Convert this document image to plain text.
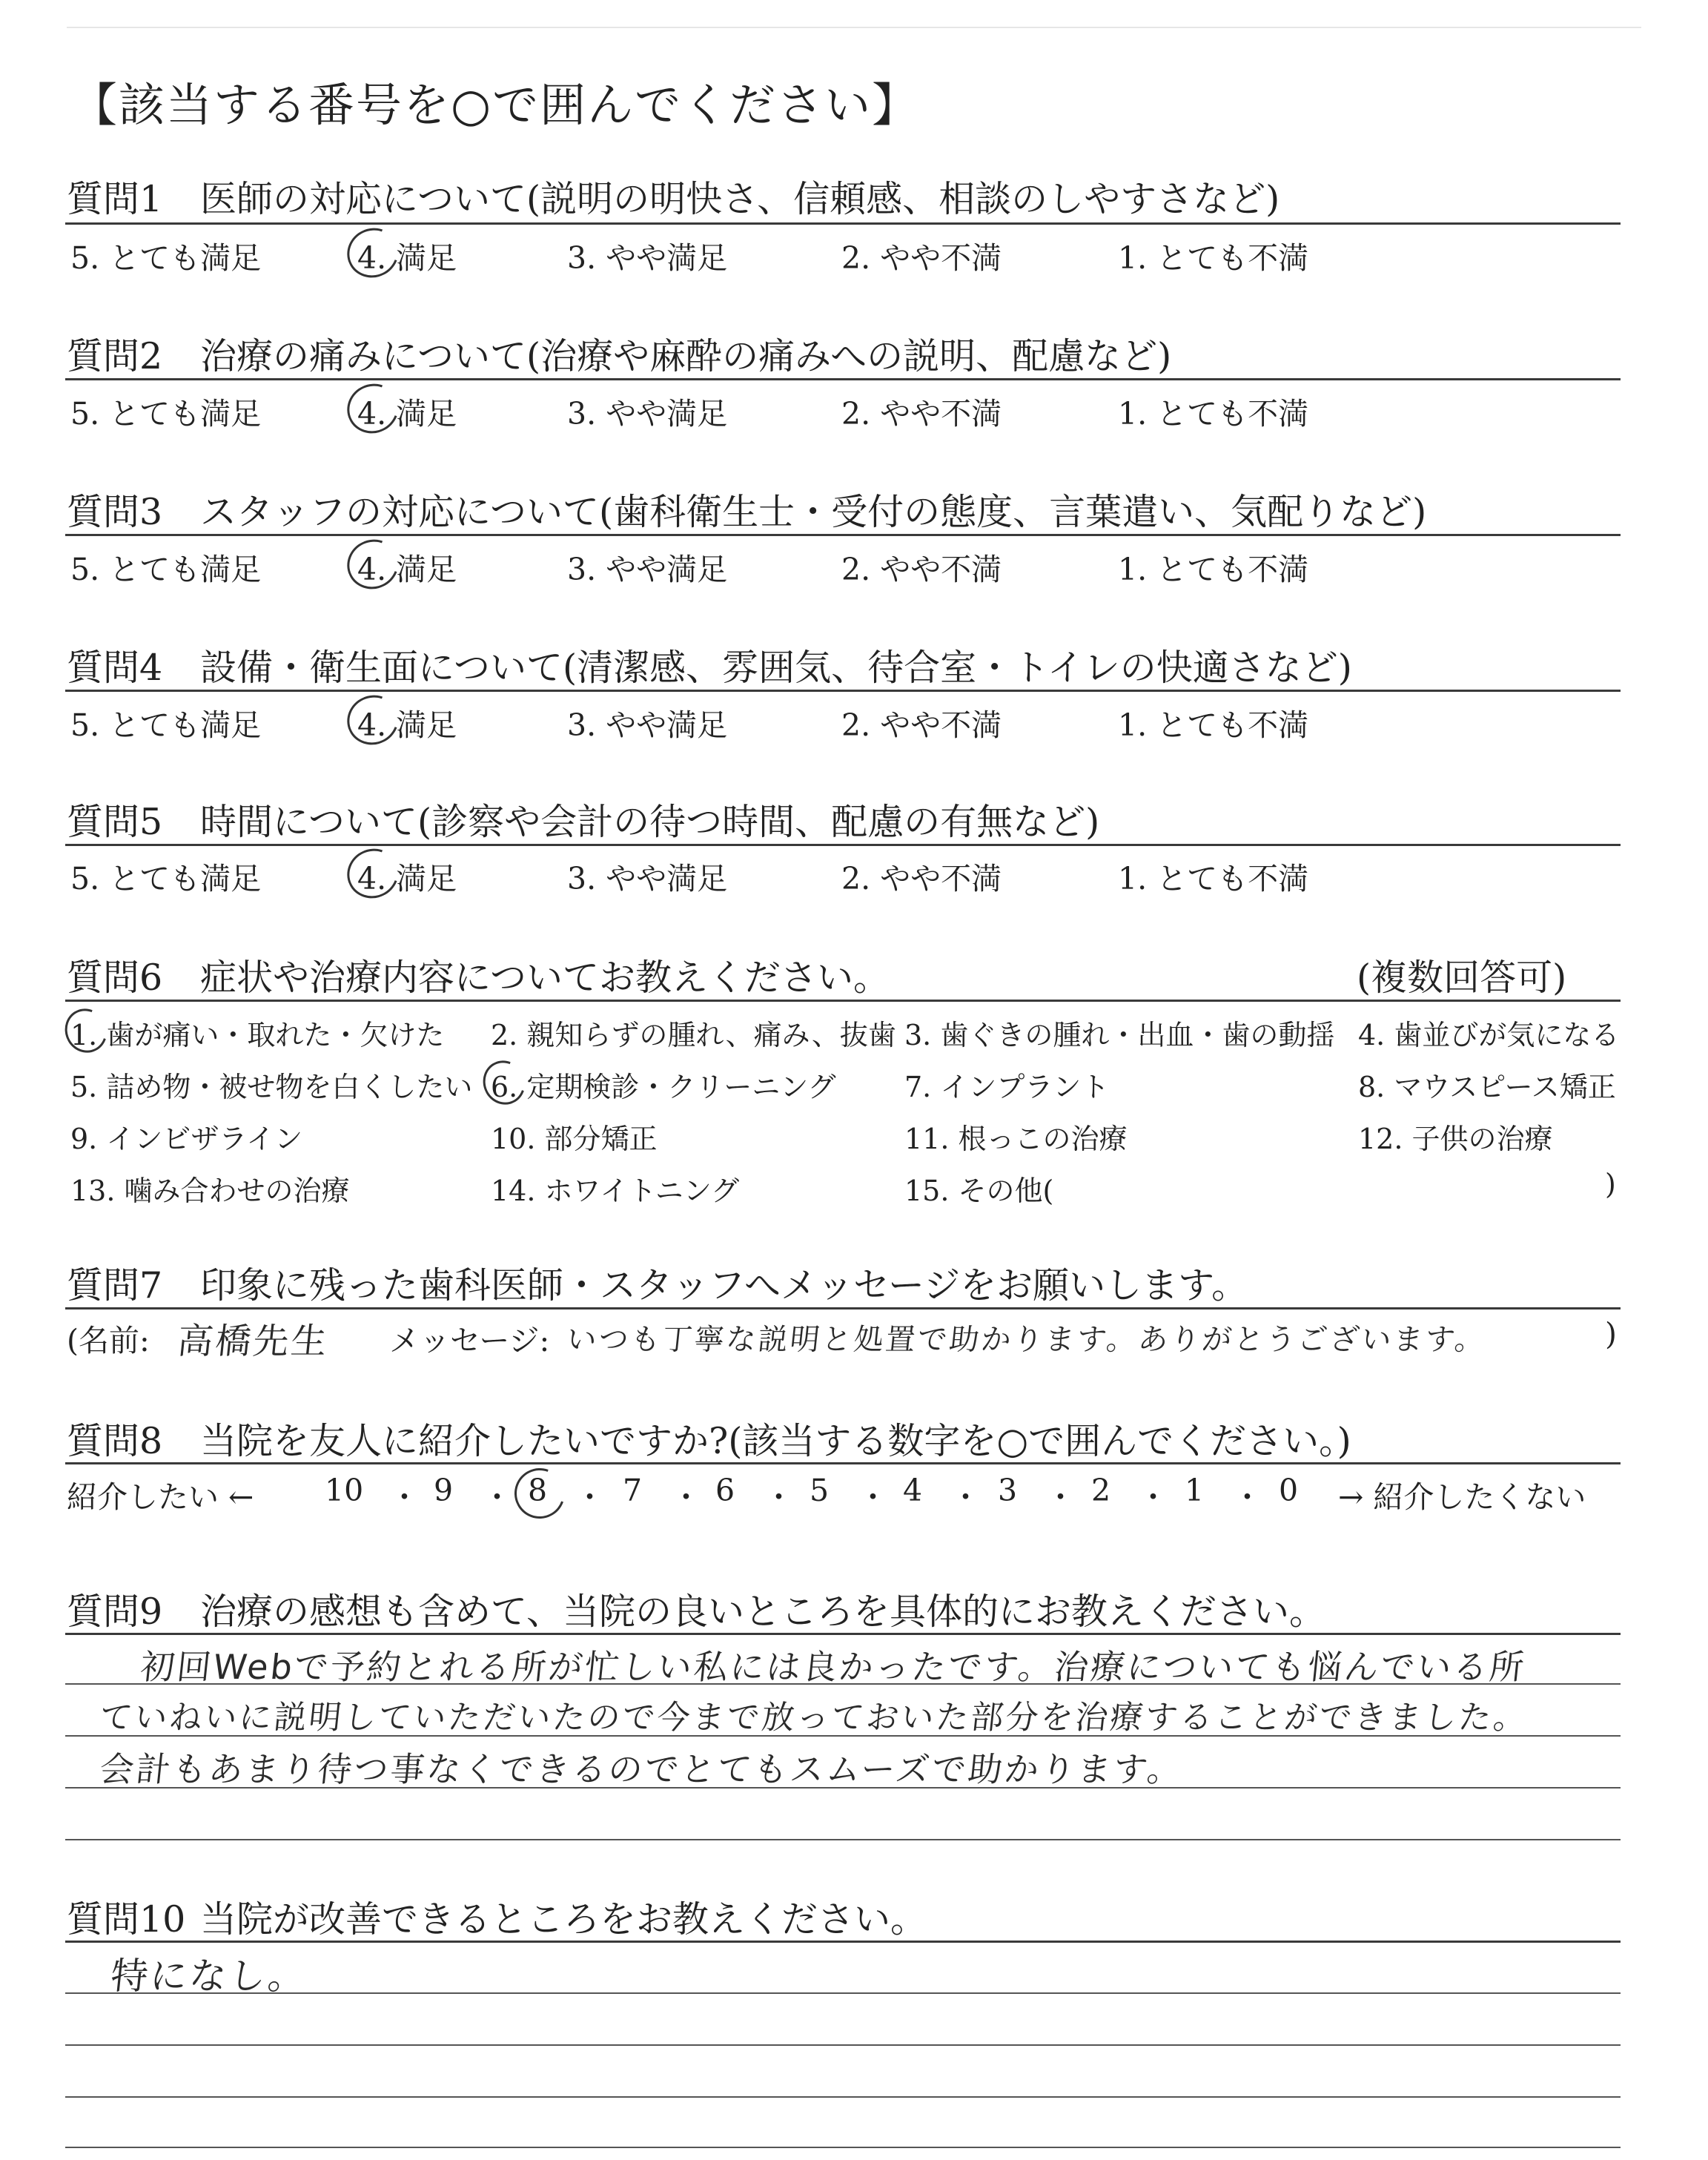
【該当する番号を○で囲んでください】
質問1 医師の対応について(説明の明快さ、信頼感、相談のしやすさなど)
5. とても満足	4. 満足	3. やや満足	2. やや不満	1. とても不満
質問2 治療の痛みについて(治療や麻酔の痛みへの説明、配慮など)
5. とても満足	4. 満足	3. やや満足	2. やや不満	1. とても不満
質問3 スタッフの対応について(歯科衛生士・受付の態度、言葉遣い、気配りなど)
5. とても満足	4. 満足	3. やや満足	2. やや不満	1. とても不満
質問4 設備・衛生面について(清潔感、雰囲気、待合室・トイレの快適さなど)
5. とても満足	4. 満足	3. やや満足	2. やや不満	1. とても不満
質問5 時間について(診察や会計の待つ時間、配慮の有無など)
5. とても満足	4. 満足	3. やや満足	2. やや不満	1. とても不満
質問6 症状や治療内容についてお教えください。	(複数回答可)
1. 歯が痛い・取れた・欠けた 2. 親知らずの腫れ、痛み、抜歯 3. 歯ぐきの腫れ・出血・歯の動揺 4. 歯並びが気になる
5. 詰め物・被せ物を白くしたい 6. 定期検診・クリーニング 7. インプラント	8. マウスピース矯正
9. インビザライン	10. 部分矯正	11. 根っこの治療	12. 子供の治療
13. 噛み合わせの治療	14. ホワイトニング	15. その他(	)
質問7 印象に残った歯科医師・スタッフへメッセージをお願いします。
(名前: 高橋先生 メッセージ: いつも丁寧な説明と処置で助かります。ありがとうございます。	)
質問8 当院を友人に紹介したいですか?(該当する数字を○で囲んでください。)
紹介したい ← 10 ・ 9 ・ 8 ・ 7 ・ 6 ・ 5 ・ 4 ・ 3 ・ 2 ・ 1 ・ 0 → 紹介したくない
質問9 治療の感想も含めて、当院の良いところを具体的にお教えください。
初回Webで予約とれる所が忙しい私には良かったです。治療についても悩んでいる所
ていねいに説明していただいたので今まで放っておいた部分を治療することができました。
会計もあまり待つ事なくできるのでとてもスムーズで助かります。
質問10 当院が改善できるところをお教えください。
特になし。
